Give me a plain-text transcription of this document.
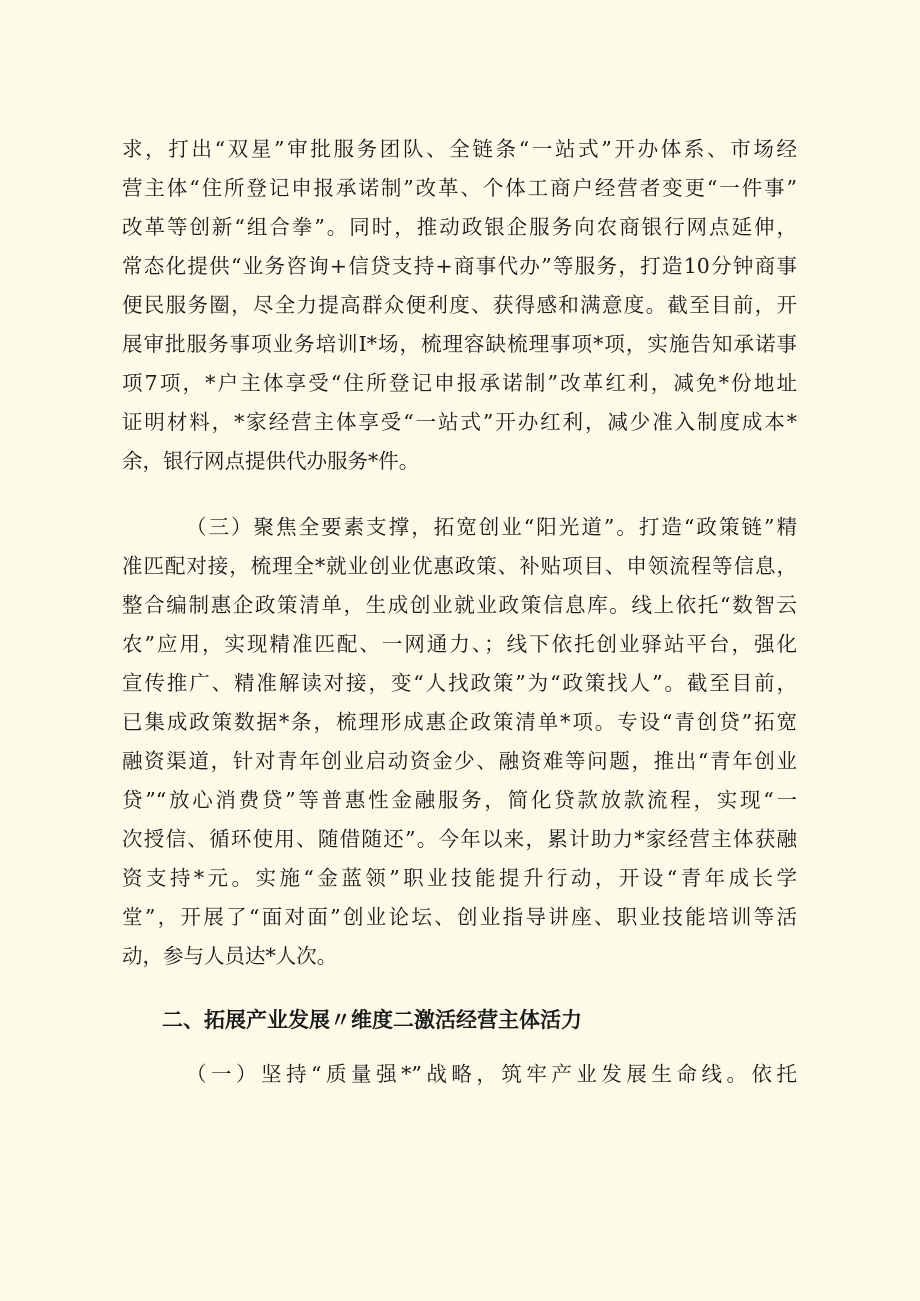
求，打出“双星”审批服务团队、全链条“一站式”开办体系、市场经
营主体“住所登记申报承诺制”改革、个体工商户经营者变更“一件事”
改革等创新“组合拳”。同时，推动政银企服务向农商银行网点延伸，
常态化提供“业务咨询+信贷支持+商事代办”等服务，打造10分钟商事
便民服务圈，尽全力提高群众便利度、获得感和满意度。截至目前，开
展审批服务事项业务培训I*场，梳理容缺梳理事项*项，实施告知承诺事
项7项，*户主体享受“住所登记申报承诺制”改革红利，减免*份地址
证明材料，*家经营主体享受“一站式”开办红利，减少准入制度成本*
余，银行网点提供代办服务*件。
（三）聚焦全要素支撑，拓宽创业“阳光道”。打造“政策链”精
准匹配对接，梳理全*就业创业优惠政策、补贴项目、申领流程等信息，
整合编制惠企政策清单，生成创业就业政策信息库。线上依托“数智云
农”应用，实现精准匹配、一网通力、；线下依托创业驿站平台，强化
宣传推广、精准解读对接，变“人找政策”为“政策找人”。截至目前，
已集成政策数据*条，梳理形成惠企政策清单*项。专设“青创贷”拓宽
融资渠道，针对青年创业启动资金少、融资难等问题，推出“青年创业
贷”“放心消费贷”等普惠性金融服务，简化贷款放款流程，实现“一
次授信、循环使用、随借随还”。今年以来，累计助力*家经营主体获融
资支持*元。实施“金蓝领”职业技能提升行动，开设“青年成长学
堂”，开展了“面对面”创业论坛、创业指导讲座、职业技能培训等活
动，参与人员达*人次。
二、拓展产业发展〃维度二激活经营主体活力
（一）坚持“质量强*”战略，筑牢产业发展生命线。依托
